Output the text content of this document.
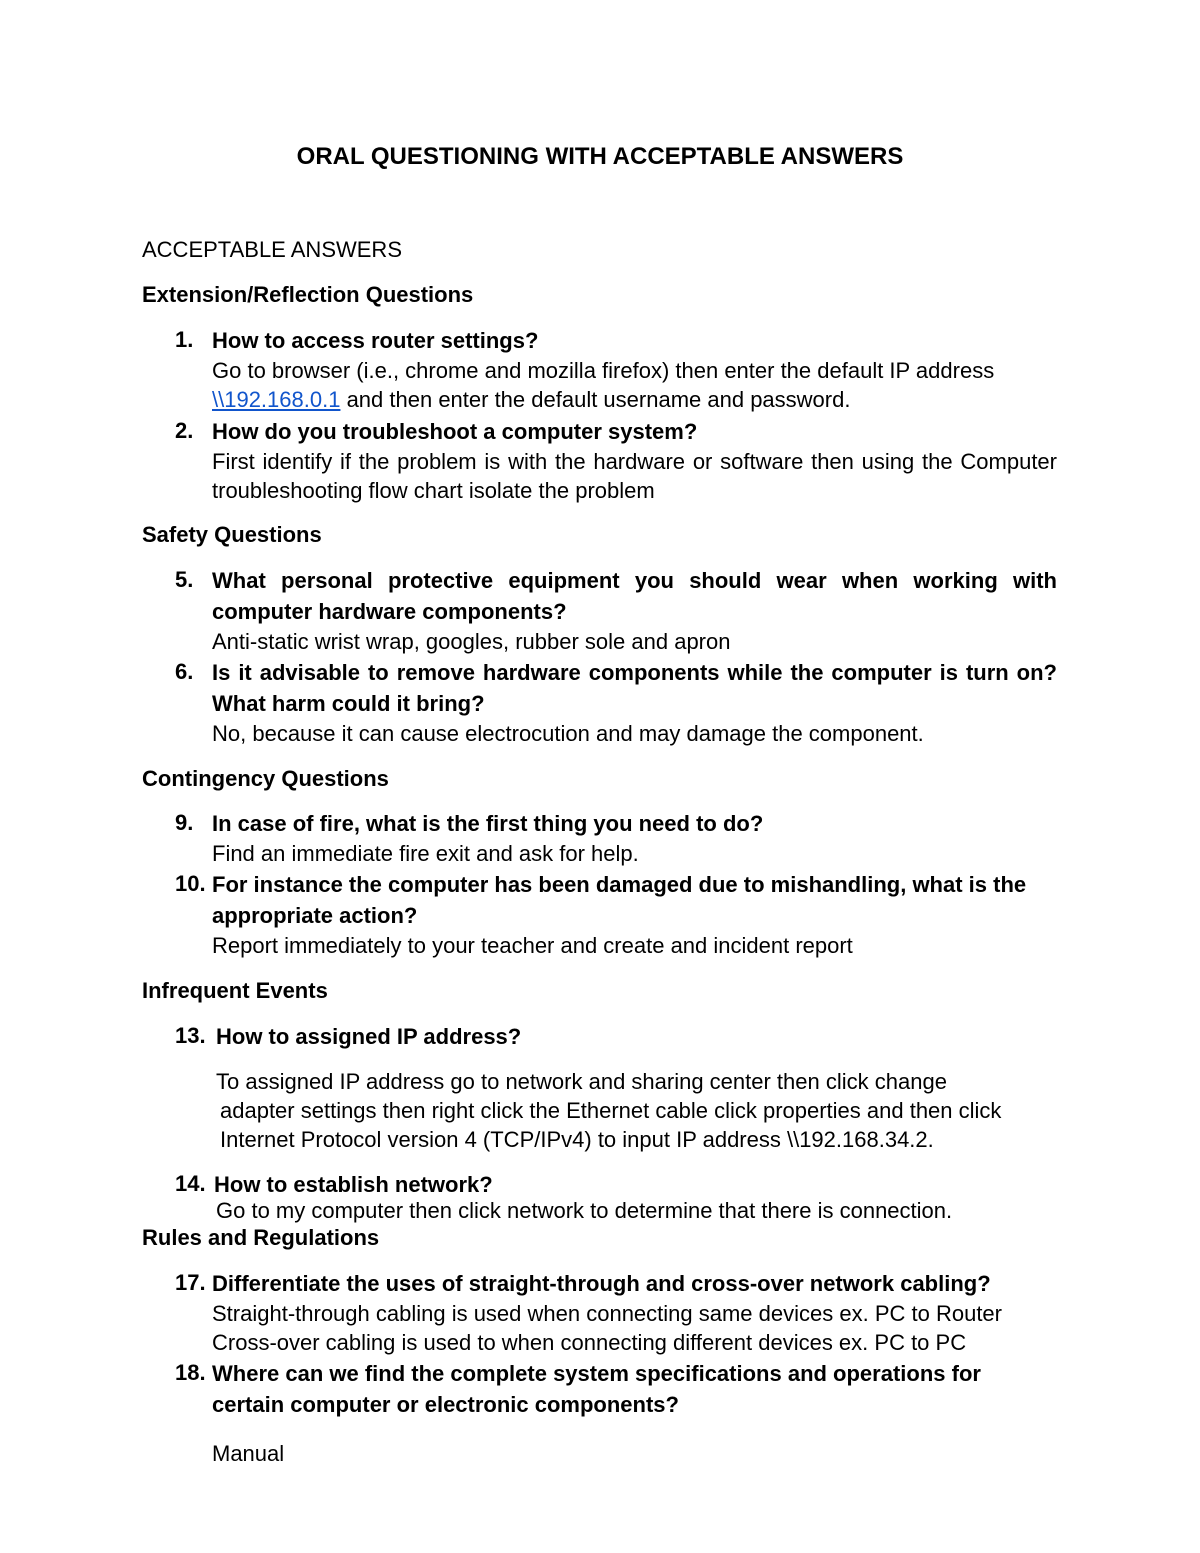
ORAL QUESTIONING WITH ACCEPTABLE ANSWERS
ACCEPTABLE ANSWERS
Extension/Reflection Questions
1. How to access router settings?
Go to browser (i.e., chrome and mozilla firefox) then enter the default IP address
\\192.168.0.1 and then enter the default username and password.
2. How do you troubleshoot a computer system?
First identify if the problem is with the hardware or software then using the Computer troubleshooting flow chart isolate the problem
Safety Questions
5. What personal protective equipment you should wear when working with computer hardware components?
Anti-static wrist wrap, googles, rubber sole and apron
6. Is it advisable to remove hardware components while the computer is turn on? What harm could it bring?
No, because it can cause electrocution and may damage the component.
Contingency Questions
9. In case of fire, what is the first thing you need to do?
Find an immediate fire exit and ask for help.
10. For instance the computer has been damaged due to mishandling, what is the appropriate action?
Report immediately to your teacher and create and incident report
Infrequent Events
13. How to assigned IP address?
To assigned IP address go to network and sharing center then click change
adapter settings then right click the Ethernet cable click properties and then click
Internet Protocol version 4 (TCP/IPv4) to input IP address \\192.168.34.2.
14. How to establish network?
Go to my computer then click network to determine that there is connection.
Rules and Regulations
17. Differentiate the uses of straight-through and cross-over network cabling?
Straight-through cabling is used when connecting same devices ex. PC to Router
Cross-over cabling is used to when connecting different devices ex. PC to PC
18. Where can we find the complete system specifications and operations for certain computer or electronic components?
Manual
